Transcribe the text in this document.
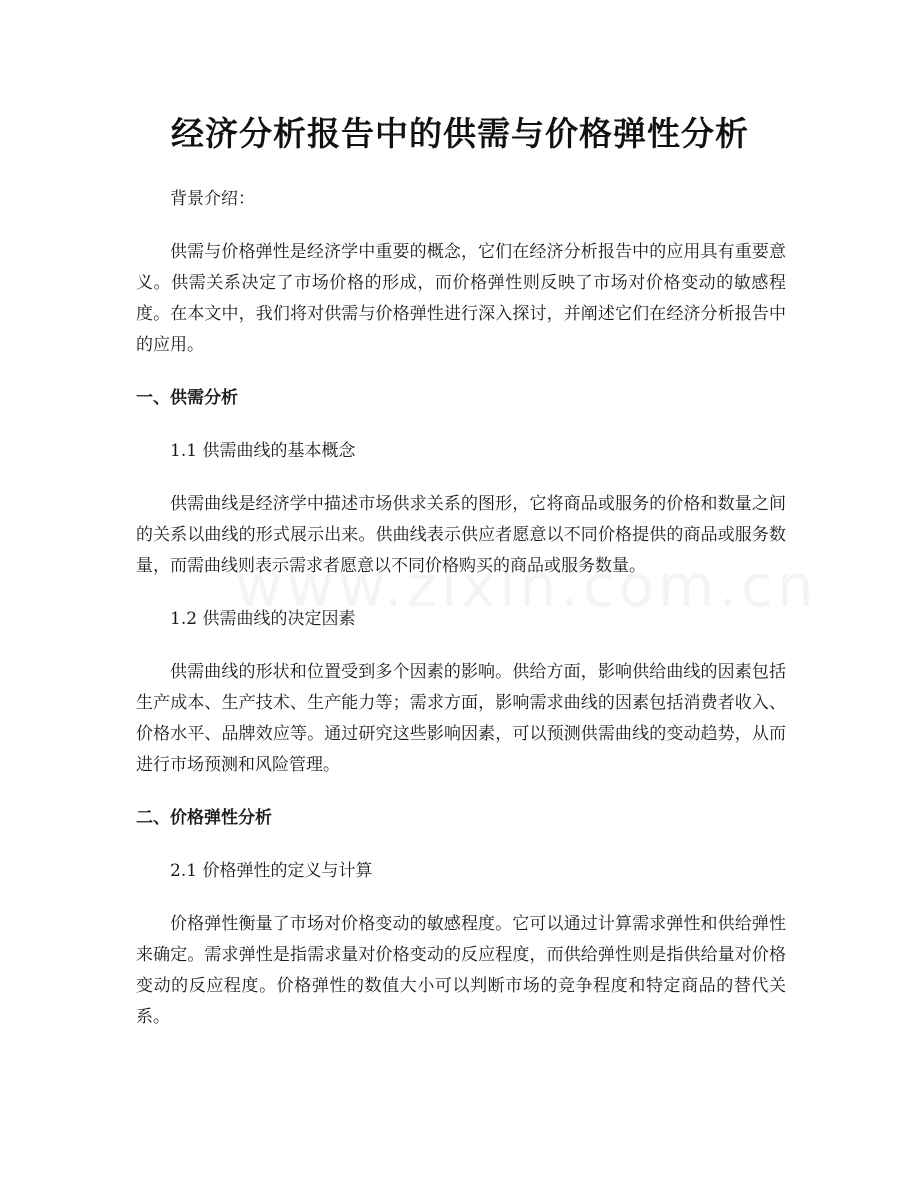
经济分析报告中的供需与价格弹性分析

背景介绍：

供需与价格弹性是经济学中重要的概念，它们在经济分析报告中的应用具有重要意义。供需关系决定了市场价格的形成，而价格弹性则反映了市场对价格变动的敏感程度。在本文中，我们将对供需与价格弹性进行深入探讨，并阐述它们在经济分析报告中的应用。

一、供需分析

1.1 供需曲线的基本概念

供需曲线是经济学中描述市场供求关系的图形，它将商品或服务的价格和数量之间的关系以曲线的形式展示出来。供曲线表示供应者愿意以不同价格提供的商品或服务数量，而需曲线则表示需求者愿意以不同价格购买的商品或服务数量。

1.2 供需曲线的决定因素

供需曲线的形状和位置受到多个因素的影响。供给方面，影响供给曲线的因素包括生产成本、生产技术、生产能力等；需求方面，影响需求曲线的因素包括消费者收入、价格水平、品牌效应等。通过研究这些影响因素，可以预测供需曲线的变动趋势，从而进行市场预测和风险管理。

二、价格弹性分析

2.1 价格弹性的定义与计算

价格弹性衡量了市场对价格变动的敏感程度。它可以通过计算需求弹性和供给弹性来确定。需求弹性是指需求量对价格变动的反应程度，而供给弹性则是指供给量对价格变动的反应程度。价格弹性的数值大小可以判断市场的竞争程度和特定商品的替代关系。
